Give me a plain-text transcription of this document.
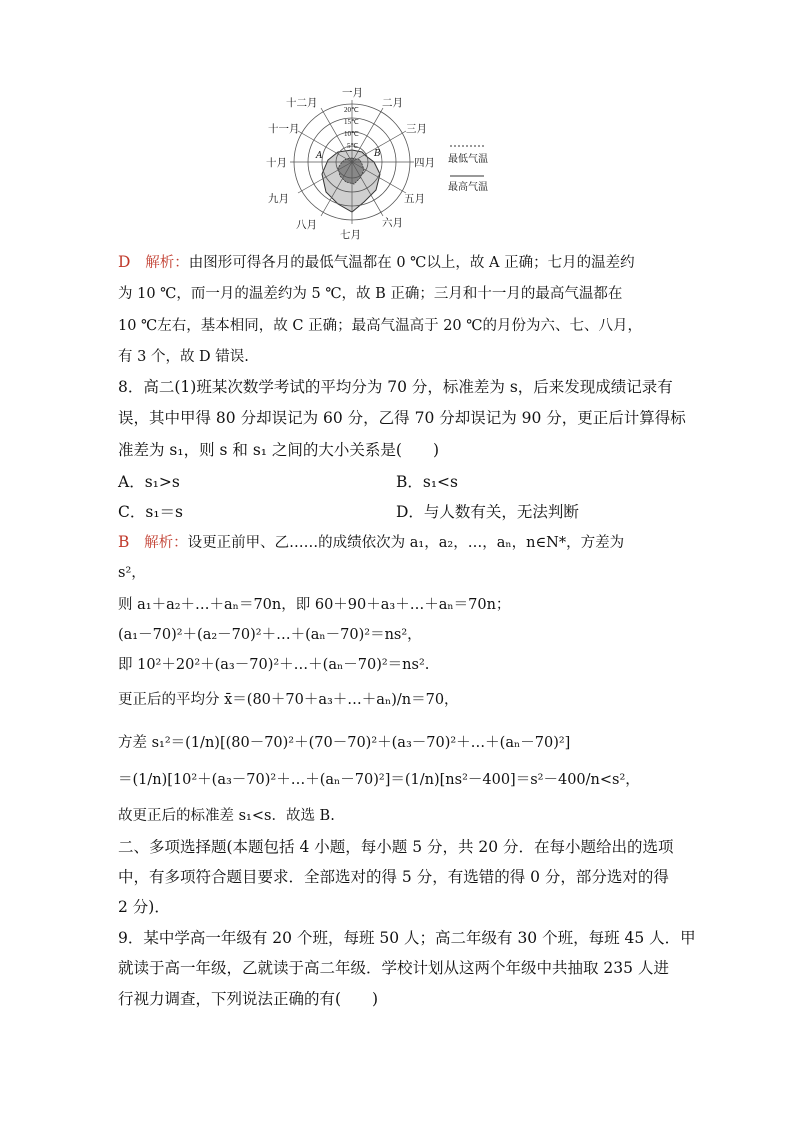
20℃
15℃
10℃
5℃
A	B
一月
二月
三月
四月
五月
六月
七月
八月
九月
十月
十一月
十二月
最低气温
最高气温
D 解析：由图形可得各月的最低气温都在 0 ℃以上，故 A 正确；七月的温差约
为 10 ℃，而一月的温差约为 5 ℃，故 B 正确；三月和十一月的最高气温都在
10 ℃左右，基本相同，故 C 正确；最高气温高于 20 ℃的月份为六、七、八月，
有 3 个，故 D 错误.
8．高二(1)班某次数学考试的平均分为 70 分，标准差为 s，后来发现成绩记录有
误，其中甲得 80 分却误记为 60 分，乙得 70 分却误记为 90 分，更正后计算得标
准差为 s₁，则 s 和 s₁ 之间的大小关系是(　　)
A．s₁>s	B．s₁<s
C．s₁＝s	D．与人数有关，无法判断
B 解析：设更正前甲、乙……的成绩依次为 a₁，a₂，…，aₙ，n∈N*，方差为
s²，
则 a₁＋a₂＋…＋aₙ＝70n，即 60＋90＋a₃＋…＋aₙ＝70n；
(a₁－70)²＋(a₂－70)²＋…＋(aₙ－70)²＝ns²，
即 10²＋20²＋(a₃－70)²＋…＋(aₙ－70)²＝ns².
更正后的平均分 x̄＝(80＋70＋a₃＋…＋aₙ)/n＝70，
方差 s₁²＝(1/n)[(80－70)²＋(70－70)²＋(a₃－70)²＋…＋(aₙ－70)²]
＝(1/n)[10²＋(a₃－70)²＋…＋(aₙ－70)²]＝(1/n)[ns²－400]＝s²－400/n<s²，
故更正后的标准差 s₁<s．故选 B.
二、多项选择题(本题包括 4 小题，每小题 5 分，共 20 分．在每小题给出的选项
中，有多项符合题目要求．全部选对的得 5 分，有选错的得 0 分，部分选对的得
2 分)．
9．某中学高一年级有 20 个班，每班 50 人；高二年级有 30 个班，每班 45 人．甲
就读于高一年级，乙就读于高二年级．学校计划从这两个年级中共抽取 235 人进
行视力调查，下列说法正确的有(　　)
